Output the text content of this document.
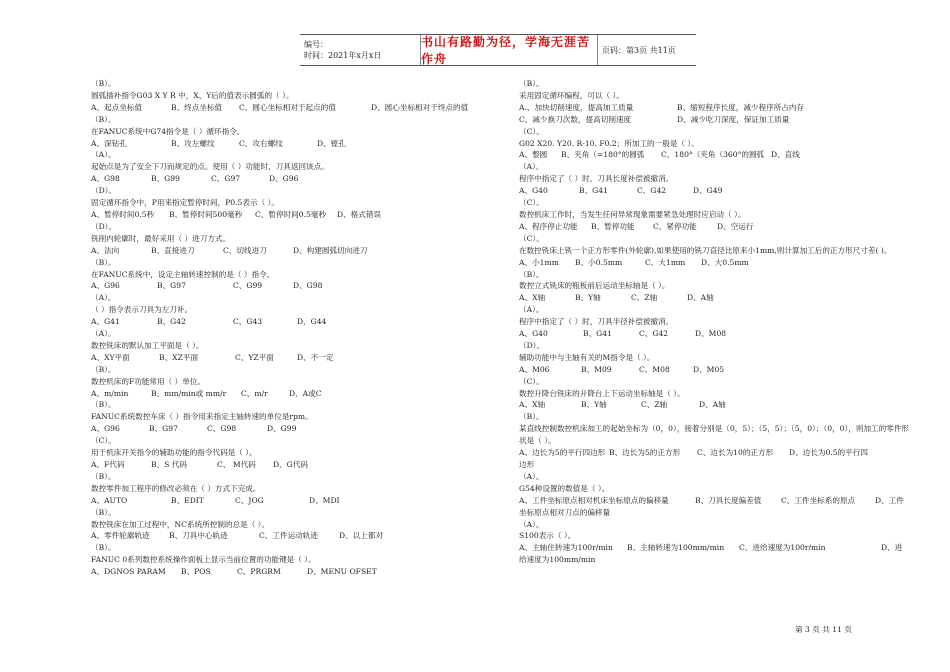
编号：
时间：2021年x月x日
书山有路勤为径，学海无涯苦作舟
页码：第3页 共11页
（B）。
圆弧插补指令G03 X Y R 中，X、Y后的值表示圆弧的（ ）。
A、起点坐标值	B、终点坐标值	C、圆心坐标相对于起点的值	D、圆心坐标相对于终点的值
（B）。
在FANUC系统中G74指令是（ ）循环指令。
A、深钻孔	B、攻左螺纹	C、攻右螺纹	D、镗孔
（A）。
起始点是为了安全下刀而规定的点。使用（ ）功能时，刀具返回该点。
A、G98	B、G99	C、G97	D、G96
（D）。
固定循环指令中，P用来指定暂停时间，P0.5表示（ ）。
A、暂停时间0.5秒	B、暂停时间500毫秒	C、暂停时间0.5毫秒	D、格式错误
（D）。
铣削内轮廓时，最好采用（ ）进刀方式。
A、法向	B、直接进刀	C、切线进刀	D、构建圆弧切向进刀
（B）。
在FANUC系统中，设定主轴转速控制的是（ ）指令。
A、G96	B、G97	C、G99	D、G98
（A）。
（ ）指令表示刀具为左刀补。
A、G41	B、G42	C、G43	D、G44
（A）。
数控铣床的默认加工平面是（ ）。
A、XY平面	B、XZ平面	C、YZ平面	D、不一定
（B）。
数控机床的F功能常用（ ）单位。
A、m/min	B、mm/min或 mm/r	C、m/r	D、A或C
（B）。
FANUC系统数控车床（ ）指令用来指定主轴转速的单位是rpm。
A、G96	B、G97	C、G98	D、G99
（C）。
用于机床开关指令的辅助功能的指令代码是（ ）。
A、F代码	B、S 代码	C、 M代码	D、G代码
（B）。
数控零件加工程序的修改必须在（ ）方式下完成。
A、AUTO	B、EDIT	C、JOG	D、MDI
（B）。
数控铣床在加工过程中，NC系统所控制的总是（ ）。
A、零件轮廓轨迹	B、刀具中心轨迹	C、工件运动轨迹	D、以上都对
（B）。
FANUC 0系列数控系统操作面板上显示当前位置的功能键是（ ）。
A、DGNOS PARAM	B、POS	C、PRGRM	D、MENU OFSET
（B）。
采用固定循环编程，可以（ ）。
A.、加快切削速度，提高加工质量	B、缩短程序长度，减少程序所占内存
C、减少换刀次数，提高切削速度	D、减少吃刀深度，保证加工质量
（C）。
G02 X20. Y20. R-10. F0.2；所加工的一般是（ ）。
A、整圆	B、夹角（=180°的圆弧	C、180°（夹角（360°的圆弧 D、直线
（A）。
程序中指定了（ ）时，刀具长度补偿被撤消。
A、G40	B、G41	C、G42	D、G49
（C）。
数控机床工作时，当发生任何异常现象需要紧急处理时应启动（ ）。
A、程序停止功能	B、暂停功能	C、紧停功能	D、空运行
（C）。
在数控铣床上铣一个正方形零件(外轮廓),如果使用的铣刀直径比原来小1mm,则计算加工后的正方形尺寸差( )。
A、小1mm	B、小0.5mm	C、大1mm	D、大0.5mm
（B）。
数控立式铣床的瓶板前后运动坐标轴是（ ）。
A、X轴	B、Y轴	C、Z轴	D、A轴
（A）。
程序中指定了（ ）时，刀具半径补偿被撤消。
A、G40	B、G41	C、G42	D、M08
（D）。
辅助功能中与主轴有关的M指令是（ ）。
A、M06	B、M09	C、M08	D、M05
（C）。
数控升降台铣床的升降台上下运动坐标轴是（ ）。
A、X轴	B、Y轴	C、Z轴	D、A轴
（B）。
某直线控制数控机床加工的起始坐标为（0，0），接着分别是（0，5）；（5，5）；（5，0）；（0，0），则加工的零件形状是（ ）。
A、边长为5的平行四边形 B、边长为5的正方形	C、边长为10的正方形	D、边长为0.5的平行四
边形
（A）。
G54种设置的数值是（ ）。
A、工件坐标原点相对机床坐标原点的偏移量	B、刀具长度偏差值	C、工件坐标系的原点	D、工件
坐标原点相对刀点的偏移量
（A）。
S100表示（ ）。
A、主轴住转速为100r/min	B、主轴转速为100mm/min	C、进给速度为100r/min	D、进
给速度为100mm/min
第 3 页 共 11 页
